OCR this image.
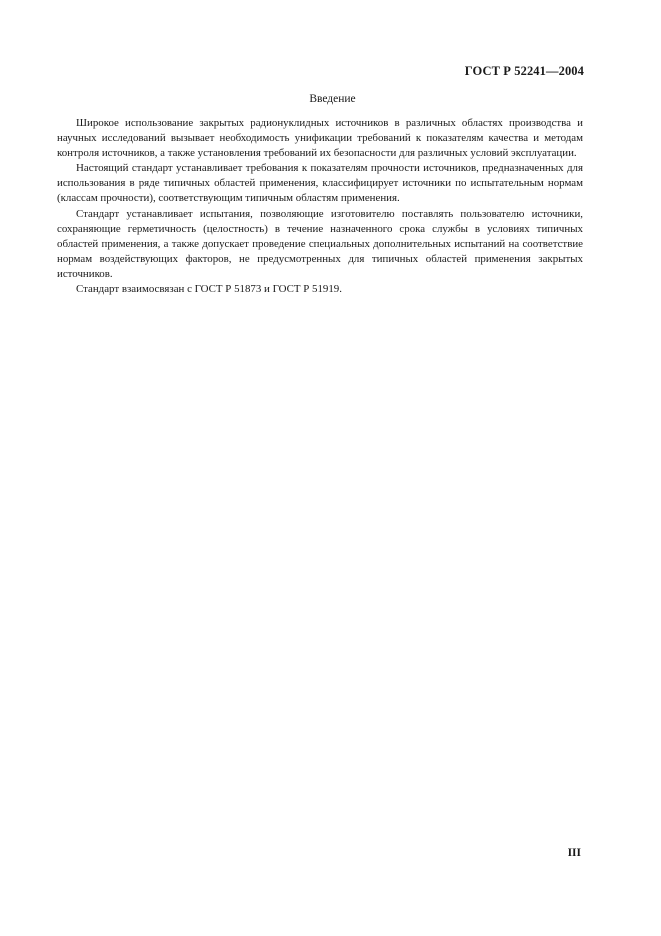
ГОСТ Р 52241—2004
Введение

Широкое использование закрытых радионуклидных источников в различных областях производства и научных исследований вызывает необходимость унификации требований к показателям качества и методам контроля источников, а также установления требований их безопасности для различных условий эксплуатации.

Настоящий стандарт устанавливает требования к показателям прочности источников, предназначенных для использования в ряде типичных областей применения, классифицирует источники по испытательным нормам (классам прочности), соответствующим типичным областям применения.

Стандарт устанавливает испытания, позволяющие изготовителю поставлять пользователю источники, сохраняющие герметичность (целостность) в течение назначенного срока службы в условиях типичных областей применения, а также допускает проведение специальных дополнительных испытаний на соответствие нормам воздействующих факторов, не предусмотренных для типичных областей применения закрытых источников.

Стандарт взаимосвязан с ГОСТ Р 51873 и ГОСТ Р 51919.

III
